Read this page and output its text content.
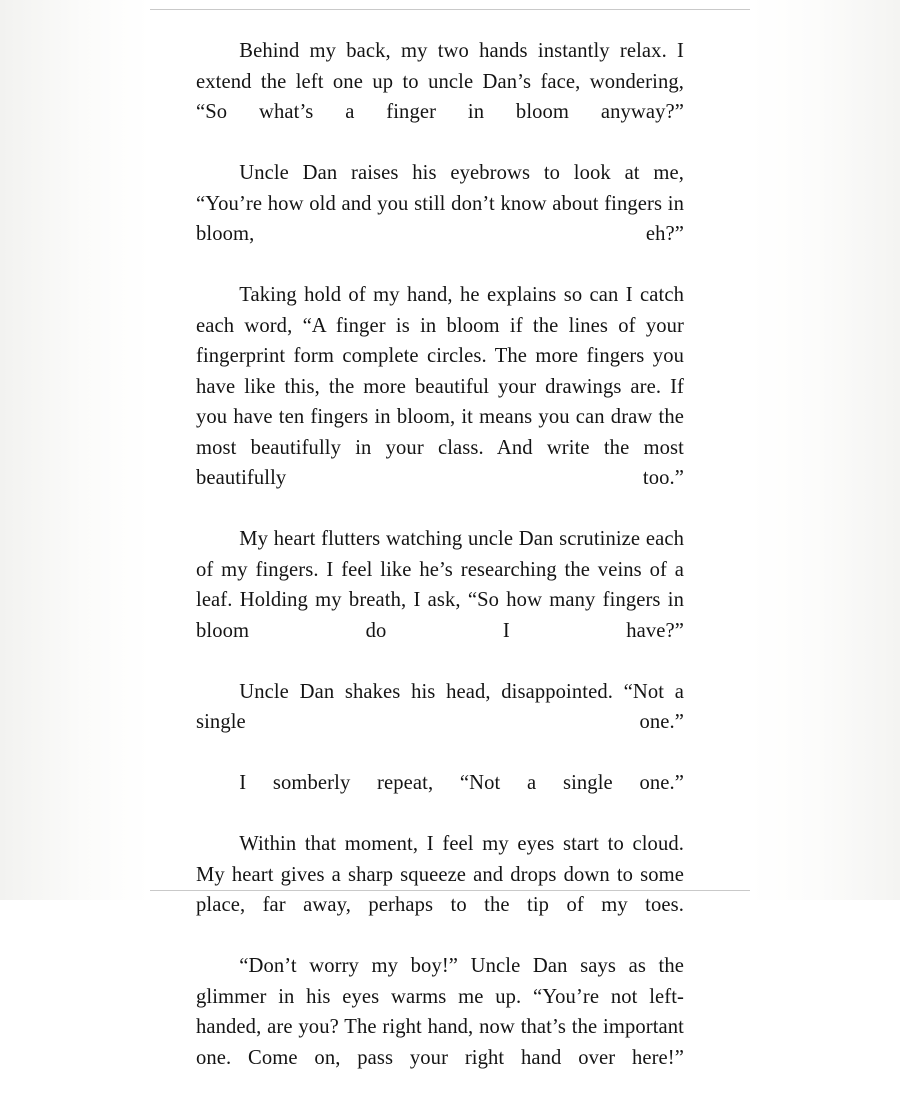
Behind my back, my two hands instantly relax. I extend the left one up to uncle Dan’s face, wondering, “So what’s a finger in bloom anyway?”

Uncle Dan raises his eyebrows to look at me, “You’re how old and you still don’t know about fingers in bloom, eh?”

Taking hold of my hand, he explains so can I catch each word, “A finger is in bloom if the lines of your fingerprint form complete circles. The more fingers you have like this, the more beautiful your drawings are. If you have ten fingers in bloom, it means you can draw the most beautifully in your class. And write the most beautifully too.”

My heart flutters watching uncle Dan scrutinize each of my fingers. I feel like he’s researching the veins of a leaf. Holding my breath, I ask, “So how many fingers in bloom do I have?”

Uncle Dan shakes his head, disappointed. “Not a single one.”

I somberly repeat, “Not a single one.”

Within that moment, I feel my eyes start to cloud. My heart gives a sharp squeeze and drops down to some place, far away, perhaps to the tip of my toes.

“Don’t worry my boy!” Uncle Dan says as the glimmer in his eyes warms me up. “You’re not left-handed, are you? The right hand, now that’s the important one. Come on, pass your right hand over here!”
